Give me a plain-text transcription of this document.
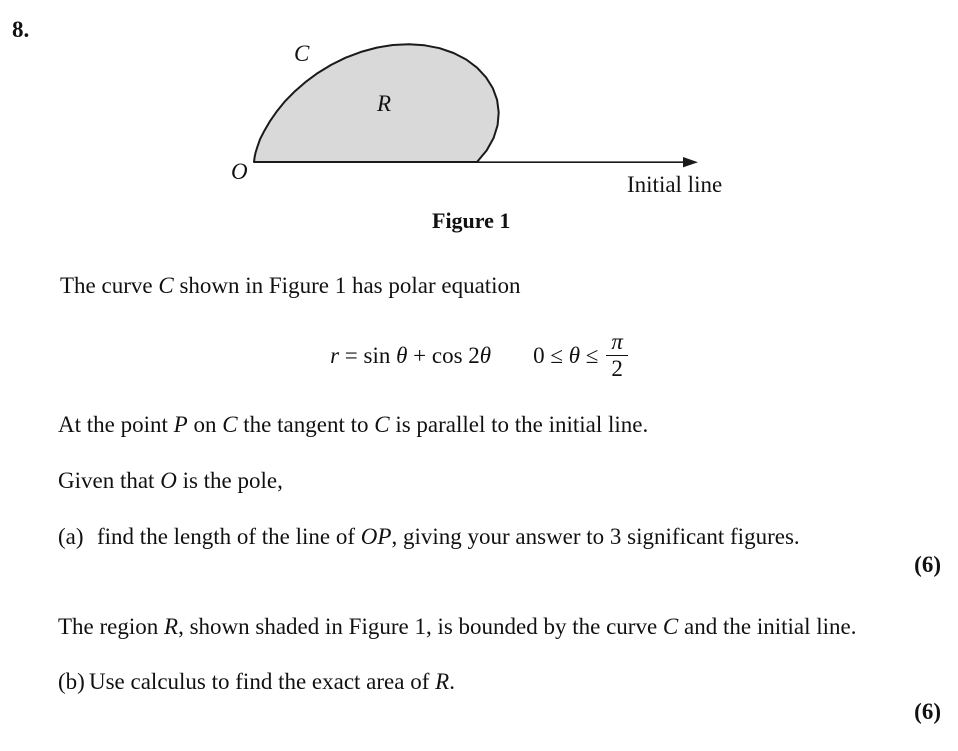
8.
C
R
O
Initial line
Figure 1
The curve C shown in Figure 1 has polar equation
r = sin θ + cos 2θ $0 \le \theta \le \frac{\pi}{2}$
At the point P on C the tangent to C is parallel to the initial line.
Given that O is the pole,
(a) find the length of the line of OP, giving your answer to 3 significant figures.
(6)
The region R, shown shaded in Figure 1, is bounded by the curve C and the initial line.
(b) Use calculus to find the exact area of R.
(6)
